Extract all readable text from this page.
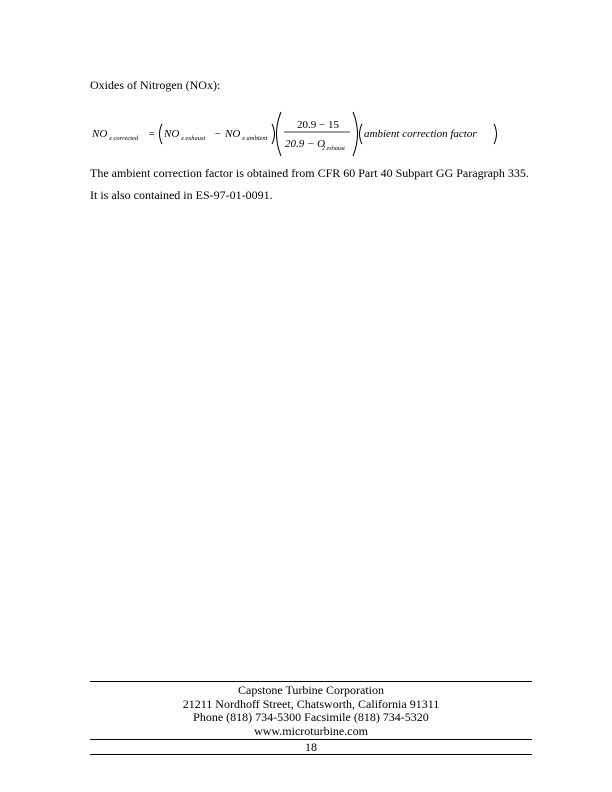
Oxides of Nitrogen (NOx):
NO x corrected = NO x exhaust − NO x ambient
20.9 − 15
20.9 − O
2 exhaust
ambient correction factor
The ambient correction factor is obtained from CFR 60 Part 40 Subpart GG Paragraph 335.
It is also contained in ES-97-01-0091.
Capstone Turbine Corporation
21211 Nordhoff Street, Chatsworth, California 91311
Phone (818) 734-5300 Facsimile (818) 734-5320
www.microturbine.com
18
